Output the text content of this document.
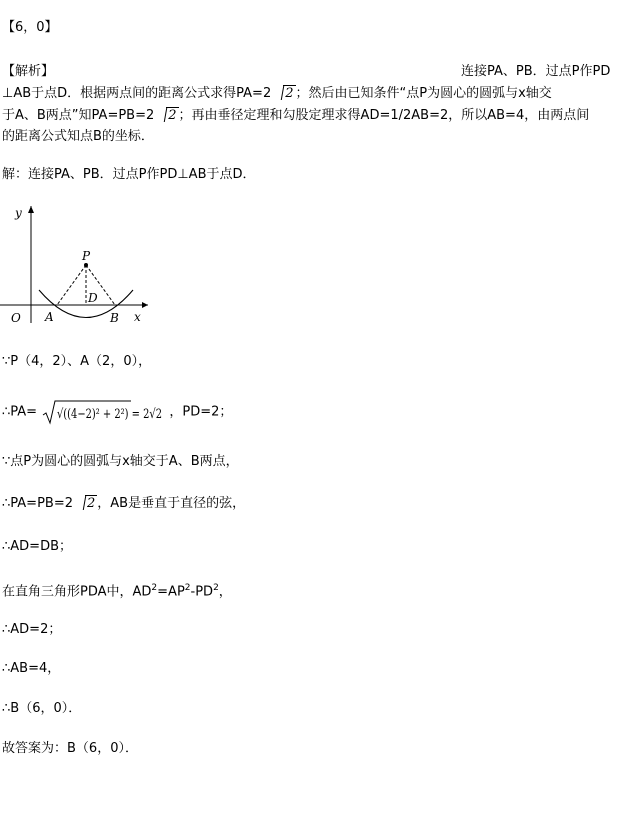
【6，0】
【解析】	连接PA、PB．过点P作PD
⊥AB于点D．根据两点间的距离公式求得PA=2 2 ；然后由已知条件“点P为圆心的圆弧与x轴交
于A、B两点”知PA=PB=2 2 ；再由垂径定理和勾股定理求得AD=1/2AB=2，所以AB=4，由两点间
的距离公式知点B的坐标．
解：连接PA、PB．过点P作PD⊥AB于点D．
y
x
O A	B
P
D
∵P（4，2）、A（2，0），
∴PA= √((4−2)² + 2²) = 2√2 ，PD=2；
∵点P为圆心的圆弧与x轴交于A、B两点，
∴PA=PB=2 2 ，AB是垂直于直径的弦，
∴AD=DB；
在直角三角形PDA中，$AD^2=AP^2-PD^2$，
∴AD=2；
∴AB=4，
∴B（6，0）．
故答案为：B（6，0）．
